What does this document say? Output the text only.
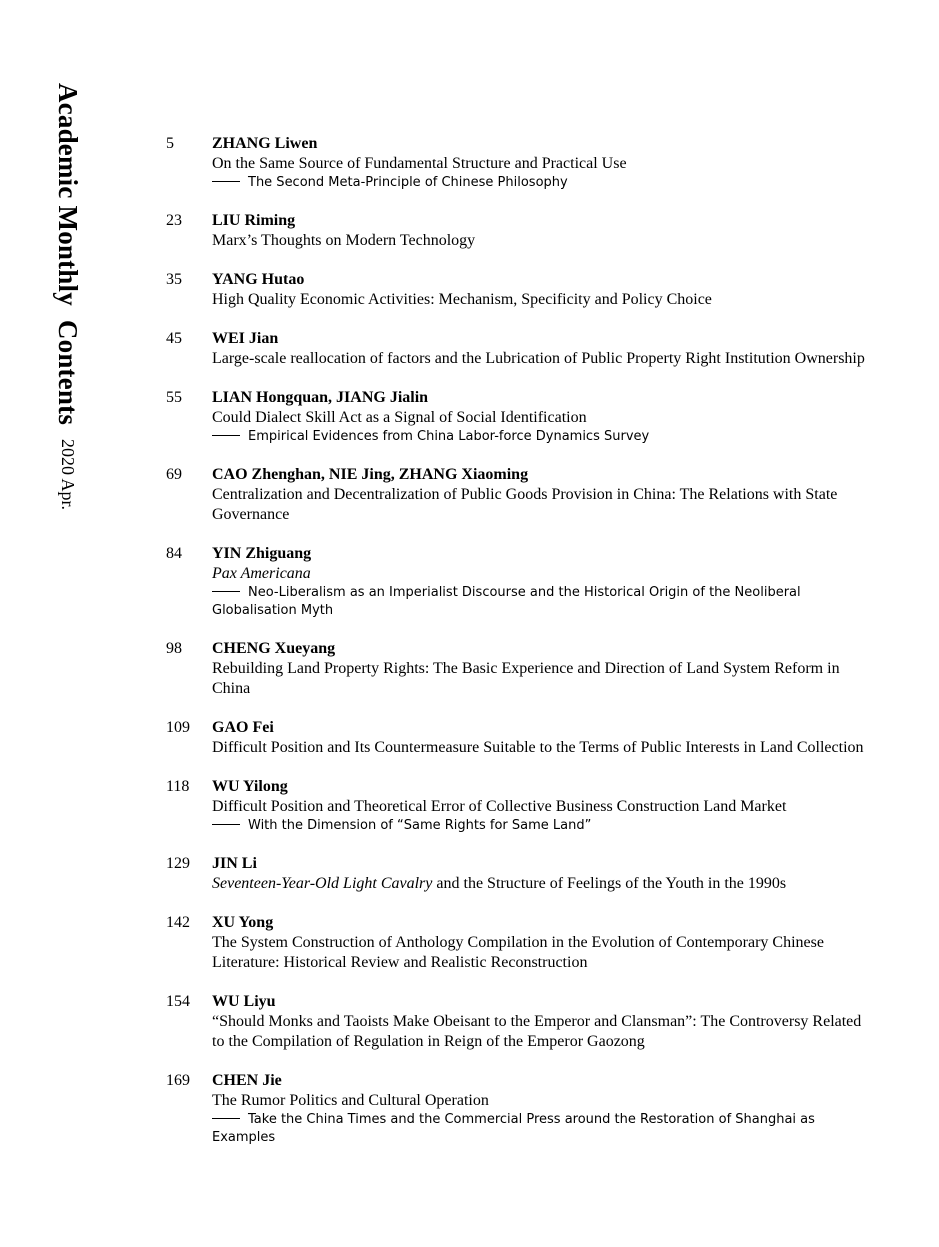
Academic MonthlyContents2020 Apr.
5	ZHANG Liwen
On the Same Source of Fundamental Structure and Practical Use
The Second Meta-Principle of Chinese Philosophy
23	LIU Riming
Marx’s Thoughts on Modern Technology
35	YANG Hutao
High Quality Economic Activities: Mechanism, Specificity and Policy Choice
45	WEI Jian
Large-scale reallocation of factors and the Lubrication of Public Property Right Institution Ownership
55	LIAN Hongquan, JIANG Jialin
Could Dialect Skill Act as a Signal of Social Identification
Empirical Evidences from China Labor-force Dynamics Survey
69	CAO Zhenghan, NIE Jing, ZHANG Xiaoming
Centralization and Decentralization of Public Goods Provision in China: The Relations with State Governance
84	YIN Zhiguang
Pax Americana
Neo-Liberalism as an Imperialist Discourse and the Historical Origin of the Neoliberal Globalisation Myth
98	CHENG Xueyang
Rebuilding Land Property Rights: The Basic Experience and Direction of Land System Reform in China
109	GAO Fei
Difficult Position and Its Countermeasure Suitable to the Terms of Public Interests in Land Collection
118	WU Yilong
Difficult Position and Theoretical Error of Collective Business Construction Land Market
With the Dimension of “Same Rights for Same Land”
129	JIN Li
Seventeen-Year-Old Light Cavalry and the Structure of Feelings of the Youth in the 1990s
142	XU Yong
The System Construction of Anthology Compilation in the Evolution of Contemporary Chinese Literature: Historical Review and Realistic Reconstruction
154	WU Liyu
“Should Monks and Taoists Make Obeisant to the Emperor and Clansman”: The Controversy Related to the Compilation of Regulation in Reign of the Emperor Gaozong
169	CHEN Jie
The Rumor Politics and Cultural Operation
Take the China Times and the Commercial Press around the Restoration of Shanghai as Examples
